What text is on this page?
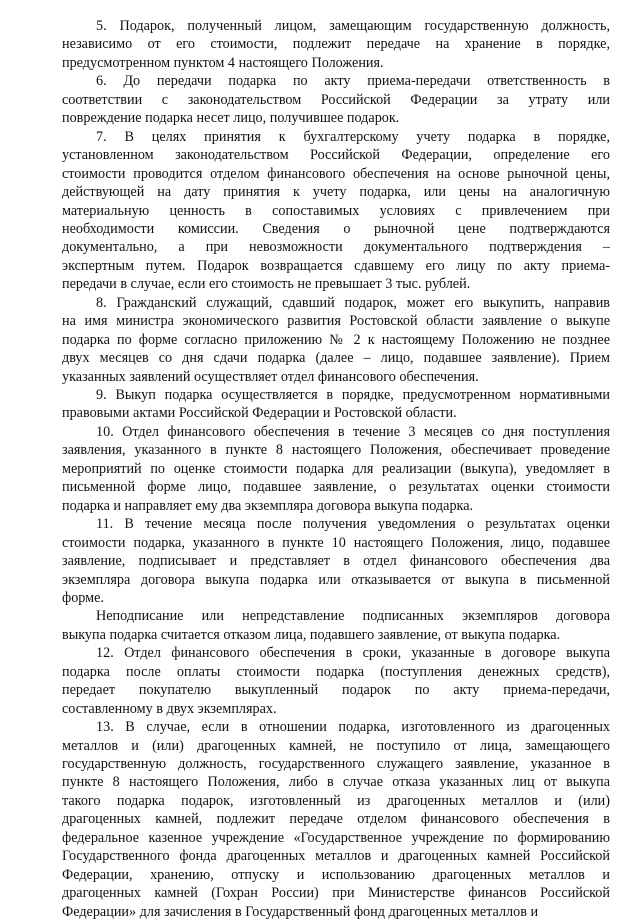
5. Подарок, полученный лицом, замещающим государственную должность,
независимо от его стоимости, подлежит передаче на хранение в порядке,
предусмотренном пунктом 4 настоящего Положения.
6. До передачи подарка по акту приема-передачи ответственность в
соответствии с законодательством Российской Федерации за утрату или
повреждение подарка несет лицо, получившее подарок.
7. В целях принятия к бухгалтерскому учету подарка в порядке,
установленном законодательством Российской Федерации, определение его
стоимости проводится отделом финансового обеспечения на основе рыночной цены,
действующей на дату принятия к учету подарка, или цены на аналогичную
материальную ценность в сопоставимых условиях с привлечением при
необходимости комиссии. Сведения о рыночной цене подтверждаются
документально, а при невозможности документального подтверждения –
экспертным путем. Подарок возвращается сдавшему его лицу по акту приема-
передачи в случае, если его стоимость не превышает 3 тыс. рублей.
8. Гражданский служащий, сдавший подарок, может его выкупить, направив
на имя министра экономического развития Ростовской области заявление о выкупе
подарка по форме согласно приложению № 2 к настоящему Положению не позднее
двух месяцев со дня сдачи подарка (далее – лицо, подавшее заявление). Прием
указанных заявлений осуществляет отдел финансового обеспечения.
9. Выкуп подарка осуществляется в порядке, предусмотренном нормативными
правовыми актами Российской Федерации и Ростовской области.
10. Отдел финансового обеспечения в течение 3 месяцев со дня поступления
заявления, указанного в пункте 8 настоящего Положения, обеспечивает проведение
мероприятий по оценке стоимости подарка для реализации (выкупа), уведомляет в
письменной форме лицо, подавшее заявление, о результатах оценки стоимости
подарка и направляет ему два экземпляра договора выкупа подарка.
11. В течение месяца после получения уведомления о результатах оценки
стоимости подарка, указанного в пункте 10 настоящего Положения, лицо, подавшее
заявление, подписывает и представляет в отдел финансового обеспечения два
экземпляра договора выкупа подарка или отказывается от выкупа в письменной
форме.
Неподписание или непредставление подписанных экземпляров договора
выкупа подарка считается отказом лица, подавшего заявление, от выкупа подарка.
12. Отдел финансового обеспечения в сроки, указанные в договоре выкупа
подарка после оплаты стоимости подарка (поступления денежных средств),
передает покупателю выкупленный подарок по акту приема-передачи,
составленному в двух экземплярах.
13. В случае, если в отношении подарка, изготовленного из драгоценных
металлов и (или) драгоценных камней, не поступило от лица, замещающего
государственную должность, государственного служащего заявление, указанное в
пункте 8 настоящего Положения, либо в случае отказа указанных лиц от выкупа
такого подарка подарок, изготовленный из драгоценных металлов и (или)
драгоценных камней, подлежит передаче отделом финансового обеспечения в
федеральное казенное учреждение «Государственное учреждение по формированию
Государственного фонда драгоценных металлов и драгоценных камней Российской
Федерации, хранению, отпуску и использованию драгоценных металлов и
драгоценных камней (Гохран России) при Министерстве финансов Российской
Федерации» для зачисления в Государственный фонд драгоценных металлов и
